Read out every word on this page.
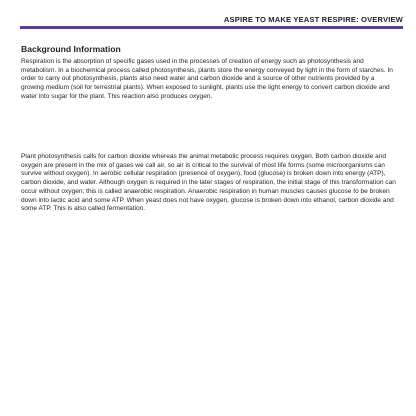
ASPIRE TO MAKE YEAST RESPIRE: OVERVIEW
Background Information

Respiration is the absorption of specific gases used in the processes of creation of energy such as photosynthesis and metabolism. In a biochemical process called photosynthesis, plants store the energy conveyed by light in the form of starches. In order to carry out photosynthesis, plants also need water and carbon dioxide and a source of other nutrients provided by a growing medium (soil for terrestrial plants). When exposed to sunlight, plants use the light energy to convert carbon dioxide and water into sugar for the plant. This reaction also produces oxygen.

Plant photosynthesis calls for carbon dioxide whereas the animal metabolic process requires oxygen. Both carbon dioxide and oxygen are present in the mix of gases we call air, so air is critical to the survival of most life forms (some microorganisms can survive without oxygen). In aerobic cellular respiration (presence of oxygen), food (glucose) is broken down into energy (ATP), carbon dioxide, and water. Although oxygen is required in the later stages of respiration, the initial stage of this transformation can occur without oxygen; this is called anaerobic respiration. Anaerobic respiration in human muscles causes glucose to be broken down into lactic acid and some ATP. When yeast does not have oxygen, glucose is broken down into ethanol, carbon dioxide and some ATP. This is also called fermentation.
